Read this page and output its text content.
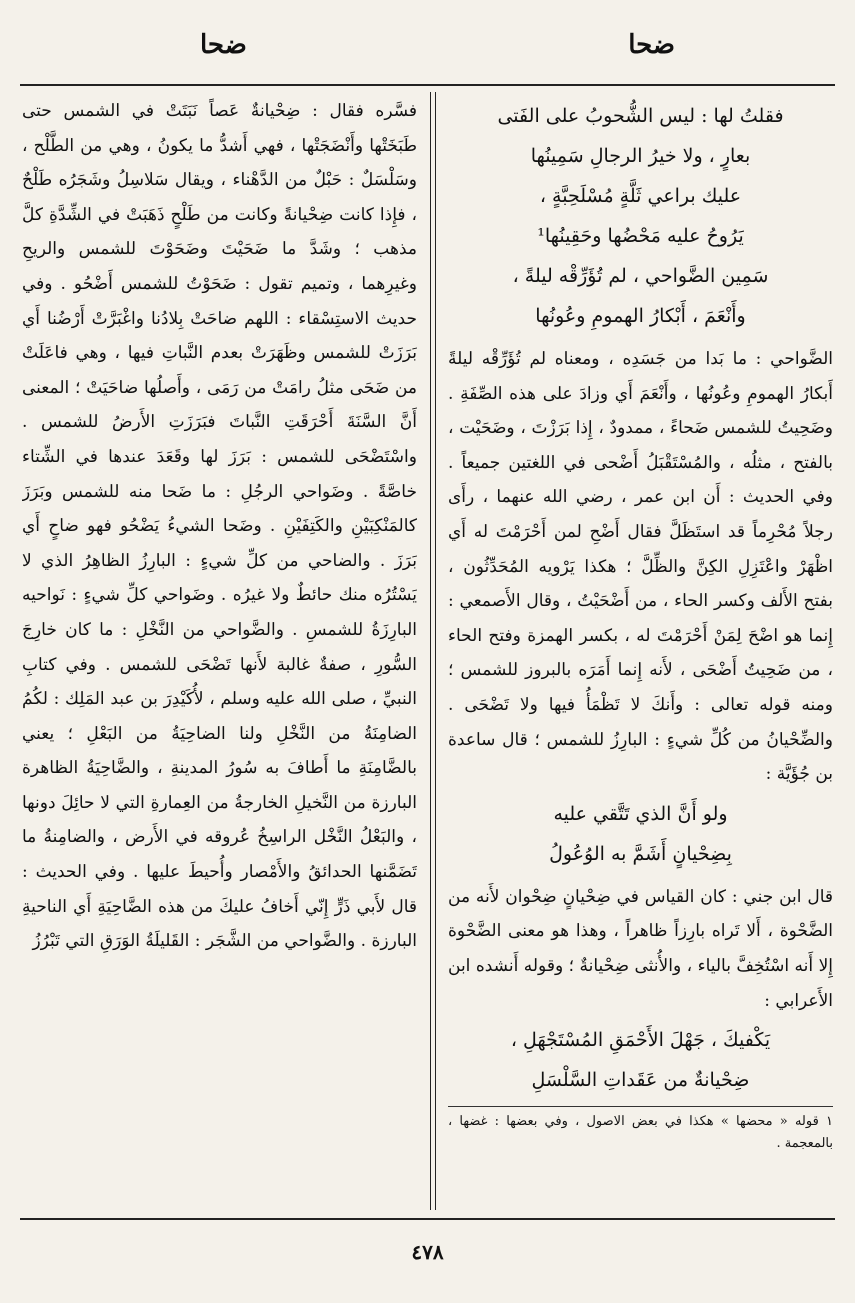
ضحا
ضحا
فقلتُ لها : ليس الشُّحوبُ على الفَتى
بعارٍ ، ولا خيرُ الرجالِ سَمِينُها
عليك براعي ثَلَّةٍ مُسْلَحِبَّةٍ ،
يَرُوحُ عليه مَحْضُها وحَقِينُها¹
سَمِين الضَّواحي ، لم تُؤَرِّقْه ليلةً ،
وأَنْعَمَ ، أَبْكارُ الهمومِ وعُونُها

الضَّواحي : ما بَدا من جَسَدِه ، ومعناه لم تُؤَرِّقْه ليلةً أَبكارُ الهمومِ وعُونُها ، وأَنْعَمَ أَي وزادَ على هذه الصِّفَةِ . وضَحِيتُ للشمس ضَحاءً ، ممدودٌ ، إِذا بَرَزْتَ ، وضَحَيْت ، بالفتح ، مثلُه ، والمُسْتَقْبَلُ أَضْحى في اللغتين جميعاً . وفي الحديث : أَن ابن عمر ، رضي الله عنهما ، رأَى رجلاً مُحْرِماً قد استَظَلَّ فقال أَضْحِ لمن أَحْرَمْتَ له أَي اظْهَرْ واعْتَزِلِ الكِنَّ والظِّلَّ ؛ هكذا يَرْويه المُحَدِّثُون ، بفتح الأَلف وكسر الحاء ، من أَضْحَيْتُ ، وقال الأَصمعي : إِنما هو اضْحَ لِمَنْ أَحْرَمْتَ له ، بكسر الهمزة وفتح الحاء ، من ضَحِيتُ أَضْحَى ، لأَنه إِنما أَمَرَه بالبروز للشمس ؛ ومنه قوله تعالى : وأَنكَ لا تَظْمَأُ فيها ولا تَضْحَى . والضِّحْيانُ من كُلِّ شيءٍ : البارِزُ للشمس ؛ قال ساعدة بن جُؤَيَّة :

ولو أَنَّ الذي تَتَّقي عليه
بِضِحْيانٍ أَشَمَّ به الوُعُولُ

قال ابن جني : كان القياس في ضِحْيانٍ ضِحْوان لأَنه من الضَّحْوة ، أَلا تَراه بارِزاً ظاهراً ، وهذا هو معنى الضَّحْوة إِلا أَنه اسْتُخِفَّ بالياء ، والأُنثى ضِحْيانةٌ ؛ وقوله أَنشده ابن الأَعرابي :

يَكْفيكَ ، جَهْلَ الأَحْمَقِ المُسْتَجْهَلِ ،
ضِحْيانةٌ من عَقَداتِ السَّلْسَلِ
١ قوله « محضها » هكذا في بعض الاصول ، وفي بعضها : غضها ، بالمعجمة .

فسَّره فقال : ضِحْيانةٌ عَصاً نَبَتَتْ في الشمس حتى طَبَخَتْها وأَنْضَجَتْها ، فهي أَشدُّ ما يكونُ ، وهي من الطَّلْح ، وسَلْسَلٌ : حَبْلٌ من الدَّهْناء ، ويقال سَلاسِلُ وشَجَرُه طَلْحٌ ، فإِذا كانت ضِحْيانةً وكانت من طَلْحٍ ذَهَبَتْ في الشِّدَّةِ كلَّ مذهب ؛ وشَدَّ ما ضَحَيْتَ وضَحَوْتَ للشمس والريحِ وغيرِهما ، وتميم تقول : ضَحَوْتُ للشمس أَضْحُو . وفي حديث الاستِسْقاء : اللهم ضاحَتْ بِلادُنا واغْبَرَّتْ أَرْضُنا أَي بَرَزَتْ للشمس وظَهَرَتْ بعدم النَّباتِ فيها ، وهي فاعَلَتْ من ضَحَى مثلُ رامَتْ من رَمَى ، وأَصلُها ضاحَيَتْ ؛ المعنى أَنَّ السَّنَةَ أَحْرَقَتِ النَّباتَ فبَرَزَتِ الأَرضُ للشمس . واسْتَضْحَى للشمس : بَرَزَ لها وقَعَدَ عندها في الشِّتاء خاصَّةً . وضَواحي الرجُلِ : ما ضَحا منه للشمس وبَرَزَ كالمَنْكِبَيْنِ والكَتِفَيْنِ . وضَحا الشيءُ يَضْحُو فهو ضاحٍ أَي بَرَزَ . والضاحي من كلِّ شيءٍ : البارِزُ الظاهِرُ الذي لا يَسْتُرُه منك حائطٌ ولا غيرُه . وضَواحي كلِّ شيءٍ : نَواحيه البارِزَةُ للشمسِ . والضَّواحي من النَّخْلِ : ما كان خارِجَ السُّورِ ، صفةٌ غالبة لأَنها تَضْحَى للشمس . وفي كتابِ النبيِّ ، صلى الله عليه وسلم ، لأُكَيْدِرَ بن عبد المَلِك : لكُمُ الضامِنَةُ من النَّخْلِ ولنا الضاحِيَةُ من البَعْلِ ؛ يعني بالضَّامِنَةِ ما أَطافَ به سُورُ المدينةِ ، والضَّاحِيَةُ الظاهرة البارزة من النَّخيلِ الخارجةُ من العِمارةِ التي لا حائِلَ دونها ، والبَعْلُ النَّخْل الراسِخُ عُروقه في الأَرض ، والضامِنةُ ما تَضَمَّنها الحدائقُ والأَمْصار وأُحيطَ عليها . وفي الحديث : قال لأَبي ذَرٍّ إِنّي أَخافُ عليكَ من هذه الضَّاحِيَةِ أَي الناحيةِ البارزة . والضَّواحي من الشَّجَر : القَليلَةُ الوَرَقِ التي تَبْرُزُ

٤٧٨
